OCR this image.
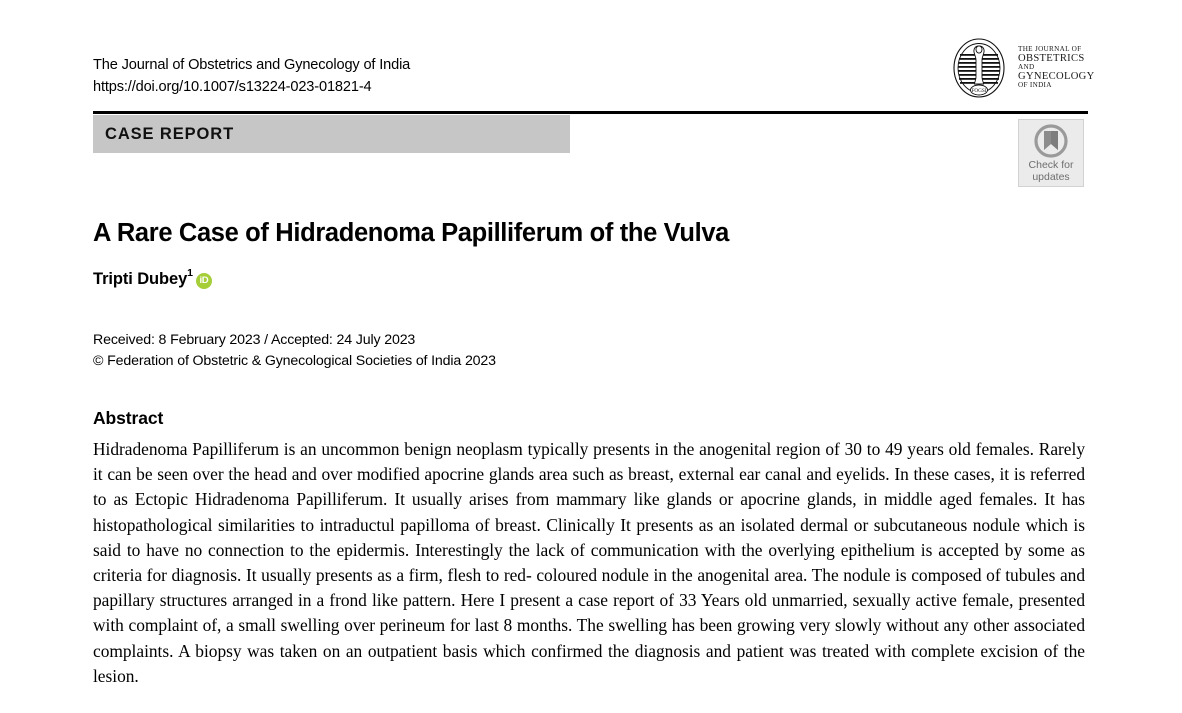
The Journal of Obstetrics and Gynecology of India
https://doi.org/10.1007/s13224-023-01821-4	FOGSI
THE JOURNAL OF
OBSTETRICS
AND
GYNECOLOGY
OF INDIA
CASE REPORT
Check for
updates
A Rare Case of Hidradenoma Papilliferum of the Vulva
Tripti Dubey 1
iD
Received: 8 February 2023 / Accepted: 24 July 2023
© Federation of Obstetric & Gynecological Societies of India 2023
Abstract
Hidradenoma Papilliferum is an uncommon benign neoplasm typically presents in the anogenital region of 30 to 49 years old females. Rarely it can be seen over the head and over modified apocrine glands area such as breast, external ear canal and eyelids. In these cases, it is referred to as Ectopic Hidradenoma Papilliferum. It usually arises from mammary like glands or apocrine glands, in middle aged females. It has histopathological similarities to intraductul papilloma of breast. Clinically It presents as an isolated dermal or subcutaneous nodule which is said to have no connection to the epidermis. Interestingly the lack of communication with the overlying epithelium is accepted by some as criteria for diagnosis. It usually presents as a firm, flesh to red- coloured nodule in the anogenital area. The nodule is composed of tubules and papillary structures arranged in a frond like pattern. Here I present a case report of 33 Years old unmarried, sexually active female, presented with complaint of, a small swelling over perineum for last 8 months. The swelling has been growing very slowly without any other associated complaints. A biopsy was taken on an outpatient basis which confirmed the diagnosis and patient was treated with complete excision of the lesion.
